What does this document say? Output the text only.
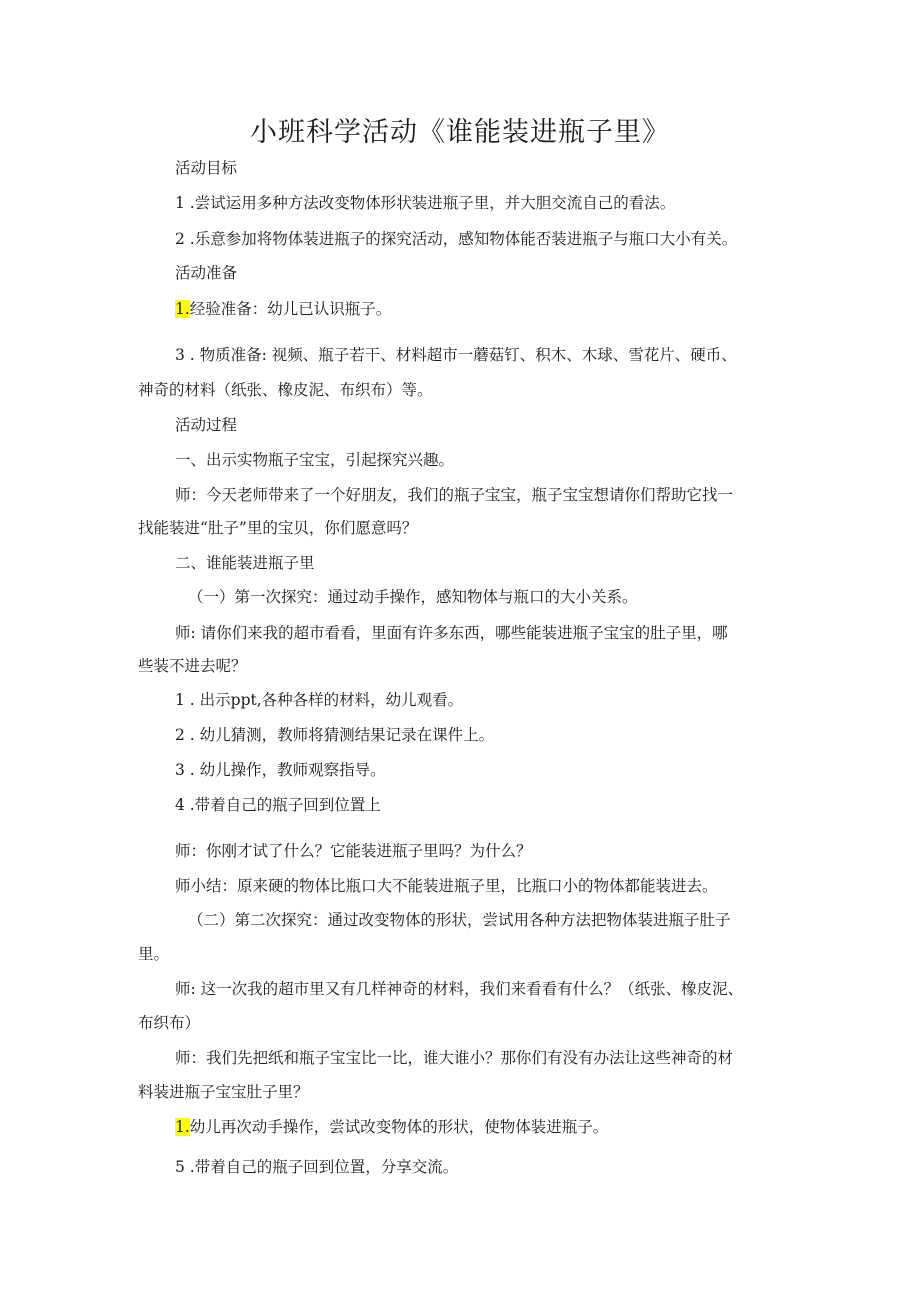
小班科学活动《谁能装进瓶子里》
活动目标
1 .尝试运用多种方法改变物体形状装进瓶子里，并大胆交流自己的看法。
2 .乐意参加将物体装进瓶子的探究活动，感知物体能否装进瓶子与瓶口大小有关。
活动准备
1.经验准备：幼儿已认识瓶子。
3 . 物质准备: 视频、瓶子若干、材料超市一蘑菇钉、积木、木球、雪花片、硬币、
神奇的材料（纸张、橡皮泥、布织布）等。
活动过程
一、出示实物瓶子宝宝，引起探究兴趣。
师：今天老师带来了一个好朋友，我们的瓶子宝宝，瓶子宝宝想请你们帮助它找一
找能装进“肚子”里的宝贝，你们愿意吗？
二、谁能装进瓶子里
（一）第一次探究：通过动手操作，感知物体与瓶口的大小关系。
师: 请你们来我的超市看看，里面有许多东西，哪些能装进瓶子宝宝的肚子里，哪
些装不进去呢？
1 . 出示ppt,各种各样的材料，幼儿观看。
2 . 幼儿猜测，教师将猜测结果记录在课件上。
3 . 幼儿操作，教师观察指导。
4 .带着自己的瓶子回到位置上
师：你刚才试了什么？它能装进瓶子里吗？为什么？
师小结：原来硬的物体比瓶口大不能装进瓶子里，比瓶口小的物体都能装进去。
（二）第二次探究：通过改变物体的形状，尝试用各种方法把物体装进瓶子肚子
里。
师: 这一次我的超市里又有几样神奇的材料，我们来看看有什么？（纸张、橡皮泥、
布织布）
师：我们先把纸和瓶子宝宝比一比，谁大谁小？那你们有没有办法让这些神奇的材
料装进瓶子宝宝肚子里？
1.幼儿再次动手操作，尝试改变物体的形状，使物体装进瓶子。
5 .带着自己的瓶子回到位置，分享交流。
